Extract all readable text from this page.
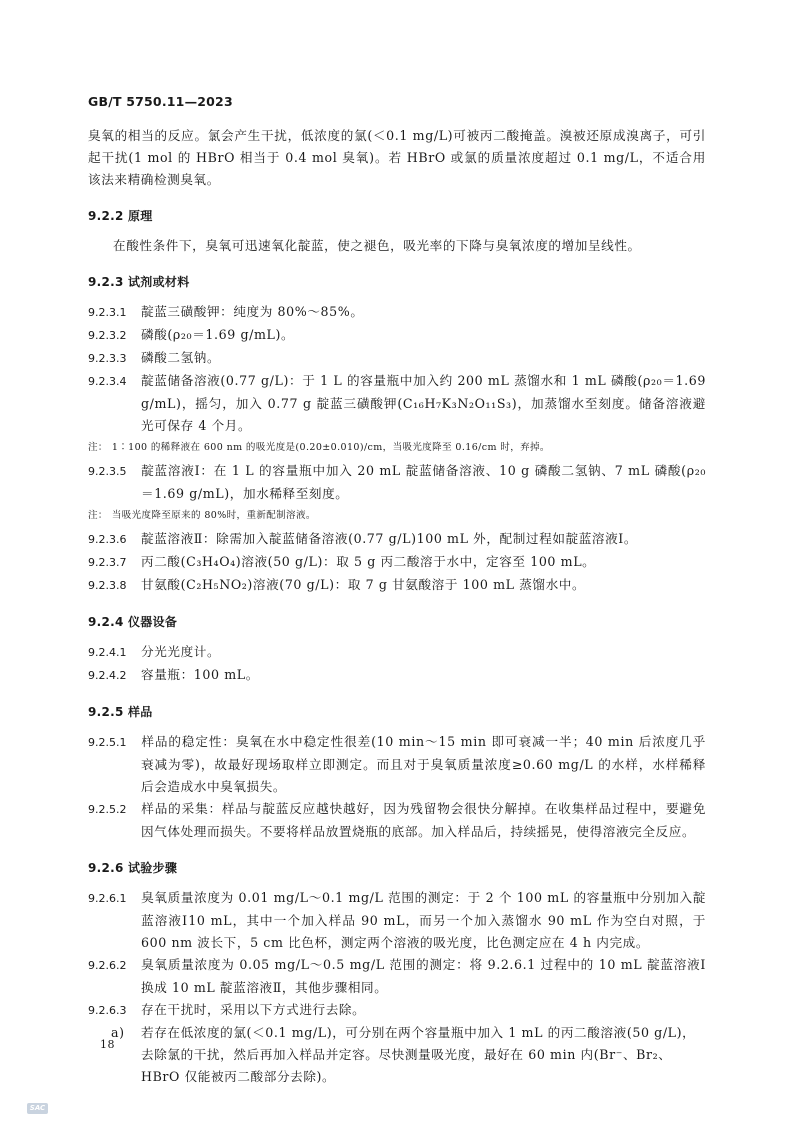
GB/T 5750.11—2023

臭氧的相当的反应。氯会产生干扰，低浓度的氯(＜0.1 mg/L)可被丙二酸掩盖。溴被还原成溴离子，可引起干扰(1 mol 的 HBrO 相当于 0.4 mol 臭氧)。若 HBrO 或氯的质量浓度超过 0.1 mg/L，不适合用该法来精确检测臭氧。

9.2.2 原理

在酸性条件下，臭氧可迅速氧化靛蓝，使之褪色，吸光率的下降与臭氧浓度的增加呈线性。

9.2.3 试剂或材料

9.2.3.1 靛蓝三磺酸钾：纯度为 80%～85%。

9.2.3.2 磷酸(ρ₂₀＝1.69 g/mL)。

9.2.3.3 磷酸二氢钠。

9.2.3.4 靛蓝储备溶液(0.77 g/L)：于 1 L 的容量瓶中加入约 200 mL 蒸馏水和 1 mL 磷酸(ρ₂₀＝1.69 g/mL)，摇匀，加入 0.77 g 靛蓝三磺酸钾(C₁₆H₇K₃N₂O₁₁S₃)，加蒸馏水至刻度。储备溶液避光可保存 4 个月。

注： 1∶100 的稀释液在 600 nm 的吸光度是(0.20±0.010)/cm，当吸光度降至 0.16/cm 时，弃掉。

9.2.3.5 靛蓝溶液Ⅰ：在 1 L 的容量瓶中加入 20 mL 靛蓝储备溶液、10 g 磷酸二氢钠、7 mL 磷酸(ρ₂₀＝1.69 g/mL)，加水稀释至刻度。

注： 当吸光度降至原来的 80%时，重新配制溶液。

9.2.3.6 靛蓝溶液Ⅱ：除需加入靛蓝储备溶液(0.77 g/L)100 mL 外，配制过程如靛蓝溶液Ⅰ。

9.2.3.7 丙二酸(C₃H₄O₄)溶液(50 g/L)：取 5 g 丙二酸溶于水中，定容至 100 mL。

9.2.3.8 甘氨酸(C₂H₅NO₂)溶液(70 g/L)：取 7 g 甘氨酸溶于 100 mL 蒸馏水中。

9.2.4 仪器设备

9.2.4.1 分光光度计。

9.2.4.2 容量瓶：100 mL。

9.2.5 样品

9.2.5.1 样品的稳定性：臭氧在水中稳定性很差(10 min～15 min 即可衰减一半；40 min 后浓度几乎衰减为零)，故最好现场取样立即测定。而且对于臭氧质量浓度≥0.60 mg/L 的水样，水样稀释后会造成水中臭氧损失。

9.2.5.2 样品的采集：样品与靛蓝反应越快越好，因为残留物会很快分解掉。在收集样品过程中，要避免因气体处理而损失。不要将样品放置烧瓶的底部。加入样品后，持续摇晃，使得溶液完全反应。

9.2.6 试验步骤

9.2.6.1 臭氧质量浓度为 0.01 mg/L～0.1 mg/L 范围的测定：于 2 个 100 mL 的容量瓶中分别加入靛蓝溶液Ⅰ10 mL，其中一个加入样品 90 mL，而另一个加入蒸馏水 90 mL 作为空白对照，于 600 nm 波长下，5 cm 比色杯，测定两个溶液的吸光度，比色测定应在 4 h 内完成。

9.2.6.2 臭氧质量浓度为 0.05 mg/L～0.5 mg/L 范围的测定：将 9.2.6.1 过程中的 10 mL 靛蓝溶液Ⅰ换成 10 mL 靛蓝溶液Ⅱ，其他步骤相同。

9.2.6.3 存在干扰时，采用以下方式进行去除。

a) 若存在低浓度的氯(＜0.1 mg/L)，可分别在两个容量瓶中加入 1 mL 的丙二酸溶液(50 g/L)，去除氯的干扰，然后再加入样品并定容。尽快测量吸光度，最好在 60 min 内(Br⁻、Br₂、HBrO 仅能被丙二酸部分去除)。

18
SAC
